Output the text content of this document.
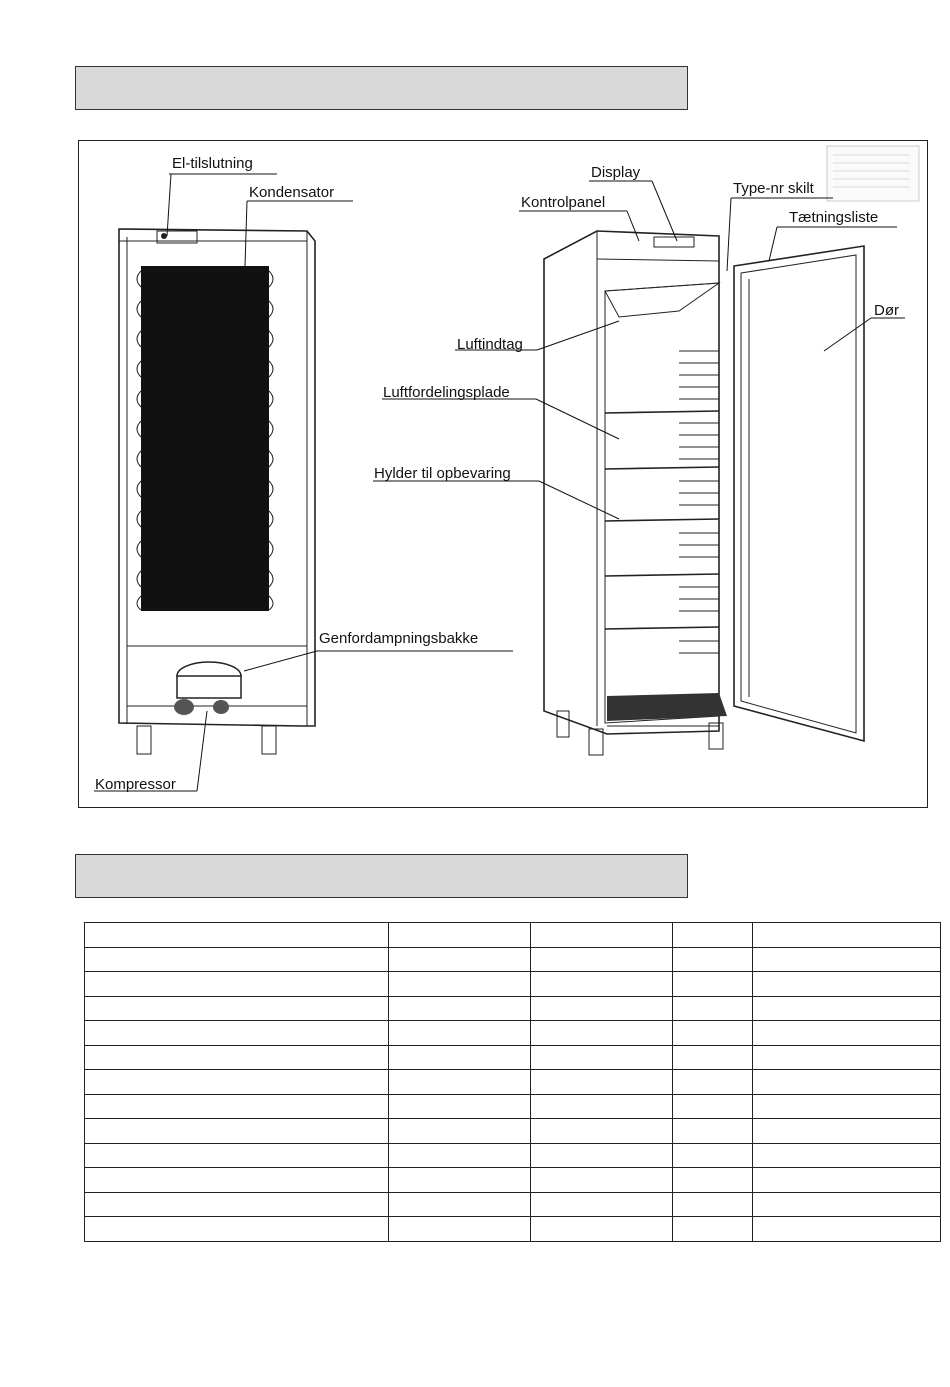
El-tilslutning
Kondensator
Genfordampningsbakke
Kompressor
Display
Kontrolpanel
Type-nr skilt
Tætningsliste
Luftindtag
Luftfordelingsplade
Hylder til opbevaring
Dør
